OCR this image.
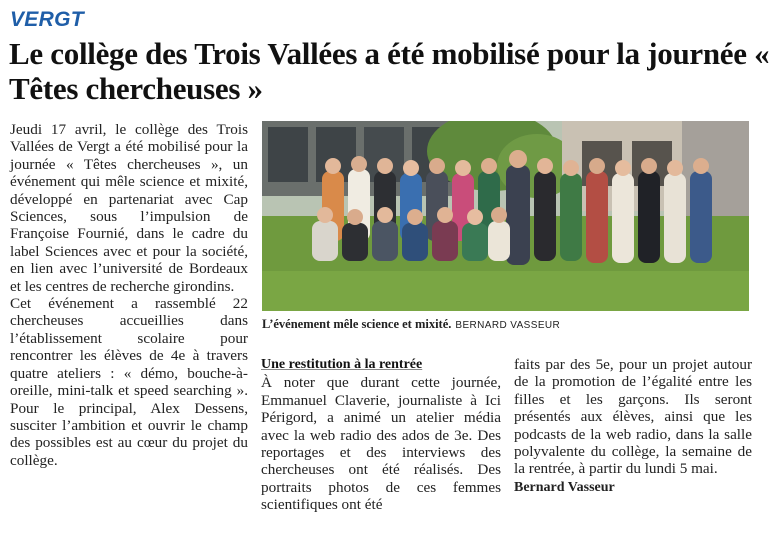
VERGT
Le collège des Trois Vallées a été mobilisé pour la journée « Têtes chercheuses »

Jeudi 17 avril, le collège des Trois Vallées de Vergt a été mobilisé pour la journée « Têtes chercheuses », un événement qui mêle science et mixité, développé en partenariat avec Cap Sciences, sous l’impulsion de Françoise Fournié, dans le cadre du label Sciences avec et pour la société, en lien avec l’université de Bordeaux et les centres de recherche girondins.

Cet événement a rassemblé 22 chercheuses accueillies dans l’établissement scolaire pour rencontrer les élèves de 4e à travers quatre ateliers : « démo, bouche-à-oreille, mini-talk et speed searching ». Pour le principal, Alex Dessens, susciter l’ambition et ouvrir le champ des possibles est au cœur du projet du collège.

L’événement mêle science et mixité. BERNARD VASSEUR
Une restitution à la rentrée
À noter que durant cette journée, Emmanuel Claverie, journaliste à Ici Périgord, a animé un atelier média avec la web radio des ados de 3e. Des reportages et des interviews des chercheuses ont été réalisés. Des portraits photos de ces femmes scientifiques ont été
faits par des 5e, pour un projet autour de la promotion de l’égalité entre les filles et les garçons. Ils seront présentés aux élèves, ainsi que les podcasts de la web radio, dans la salle polyvalente du collège, la semaine de la rentrée, à partir du lundi 5 mai.
Bernard Vasseur
